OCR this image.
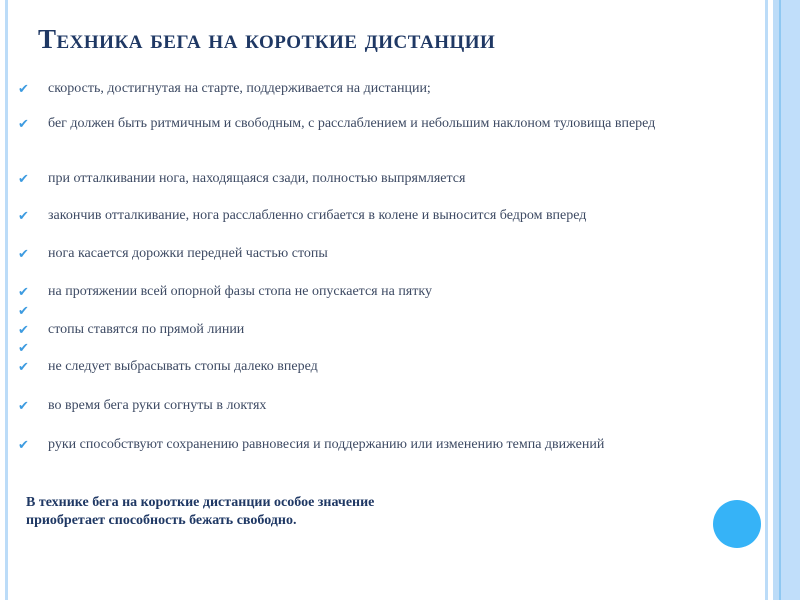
Техника бега на короткие дистанции
✔ скорость, достигнутая на старте, поддерживается на дистанции;
✔ бег должен быть ритмичным и свободным, с расслаблением и небольшим наклоном туловища вперед
✔ при отталкивании нога, находящаяся сзади, полностью выпрямляется
✔ закончив отталкивание, нога расслабленно сгибается в колене и выносится бедром вперед
✔ нога касается дорожки передней частью стопы
✔ на протяжении всей опорной фазы стопа не опускается на пятку
✔
✔ стопы ставятся по прямой линии
✔
✔ не следует выбрасывать стопы далеко вперед
✔ во время бега руки согнуты в локтях
✔ руки способствуют сохранению равновесия и поддержанию или изменению темпа движений
В технике бега на короткие дистанции особое значение
приобретает способность бежать свободно.
